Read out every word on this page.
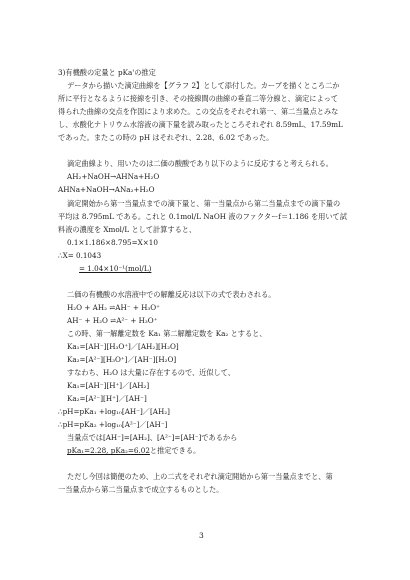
3)有機酸の定量と pKa'の推定
データから描いた滴定曲線を【グラフ 2】として添付した。カーブを描くところ二か
所に平行となるように接線を引き、その接線間の曲線の垂直二等分線と、滴定によって
得られた曲線の交点を作図により求めた。この交点をそれぞれ第一、第二当量点とみな
し、水酸化ナトリウム水溶液の滴下量を読み取ったところそれぞれ 8.59mL、17.59mL
であった。またこの時の pH はそれぞれ、2.28、6.02 であった。
滴定曲線より、用いたのは二価の酸酸であり以下のように反応すると考えられる。
AH₂+NaOH→AHNa+H₂O
AHNa+NaOH→ANa₂+H₂O
滴定開始から第一当量点までの滴下量と、第一当量点から第二当量点までの滴下量の
平均は 8.795mL である。これと 0.1mol/L NaOH 液のファクターf＝1.186 を用いて試
料液の濃度を Xmol/L として計算すると、
0.1×1.186×8.795=X×10
∴X= 0.1043
= 1.04×10⁻¹(mol/L)
二価の有機酸の水溶液中での解離反応は以下の式で表わされる。
H₂O + AH₂ ⇌AH⁻ + H₃O⁺
AH⁻ + H₂O ⇌A²⁻ + H₃O⁺
この時、第一解離定数を Ka₁ 第二解離定数を Ka₂ とすると、
Ka₁=[AH⁻][H₃O⁺]／[AH₂][H₂O]
Ka₂=[A²⁻][H₃O⁺]／[AH⁻][H₂O]
すなわち、H₂O は大量に存在するので、近似して、
Ka₁=[AH⁻][H⁺]／[AH₂]
Ka₂=[A²⁻][H⁺]／[AH⁻]
∴pH=pKa₁ +log₁₀[AH⁻]／[AH₂]
∴pH=pKa₂ +log₁₀[A²⁻]／[AH⁻]
当量点では[AH⁻]=[AH₂]、[A²⁻]=[AH⁻]であるから
pKa₁=2.28, pKa₂=6.02と推定できる。
ただし今回は簡便のため、上の二式をそれぞれ滴定開始から第一当量点までと、第
一当量点から第二当量点まで成立するものとした。
3
